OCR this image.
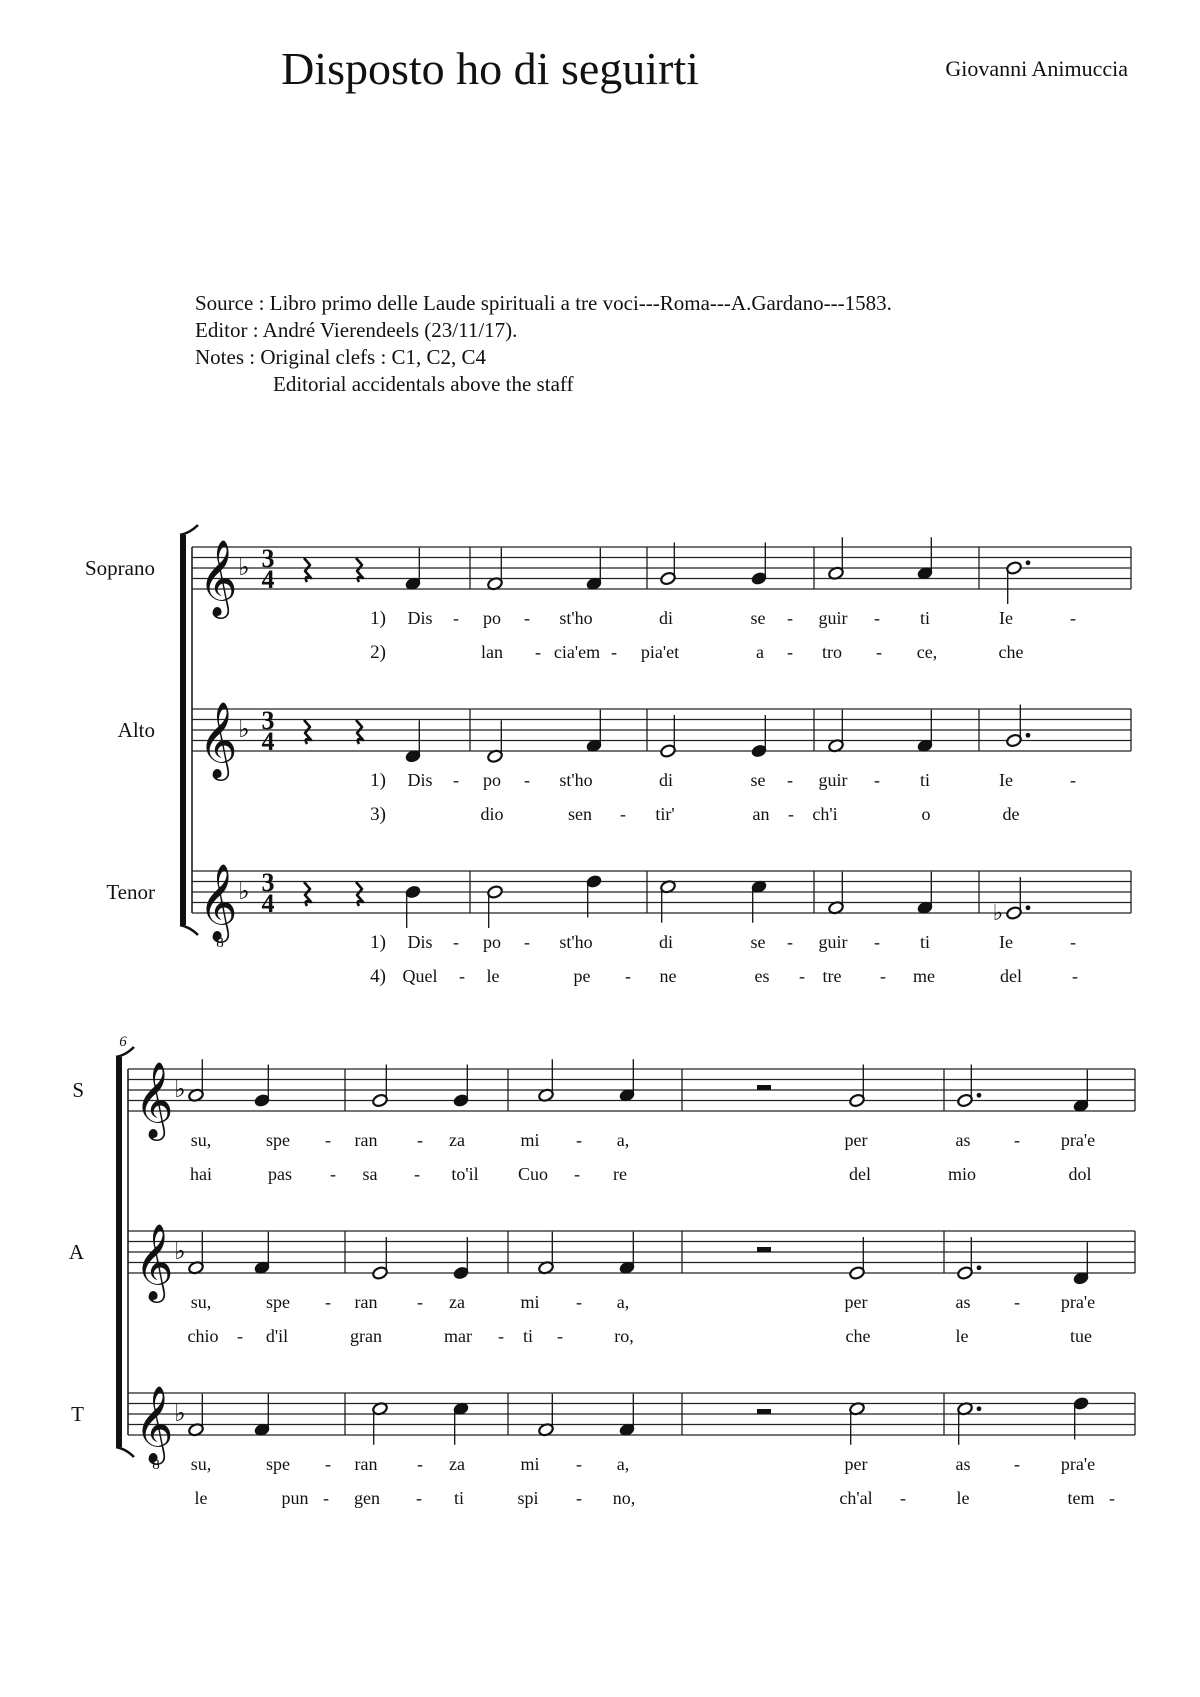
Disposto ho di seguirti	Giovanni Animuccia
Source : Libro primo delle Laude spirituali a tre voci---Roma---A.Gardano---1583.
Editor : André Vierendeels (23/11/17).
Notes : Original clefs : C1, C2, C4
Editorial accidentals above the staff
Soprano 𝄞 ♭ 3
4
1) Dis - po - st'ho	di	se - guir - ti	Ie	-
2)	lan - cia'em - pia'et	a - tro - ce,	che
Alto 𝄞 ♭ 3
4
1) Dis - po - st'ho	di	se - guir - ti	Ie	-
3)	dio	sen - tir'	an - ch'i	o	de
Tenor 𝄞
8
♭ 3
4	♭
1) Dis - po - st'ho	di	se - guir - ti	Ie	-
4) Quel - le	pe - ne	es - tre - me	del	-
6
S 𝄞 ♭
su,	spe - ran - za	mi - a,	per	as - pra'e
hai	pas - sa - to'il Cuo - re	del	mio	dol
A 𝄞 ♭
su,	spe - ran - za	mi - a,	per	as - pra'e
chio - d'il	gran	mar - ti -	ro,	che	le	tue
T 𝄞
8
♭
su,	spe - ran - za	mi - a,	per	as - pra'e
le	pun - gen - ti	spi - no,	ch'al -	le	tem -
